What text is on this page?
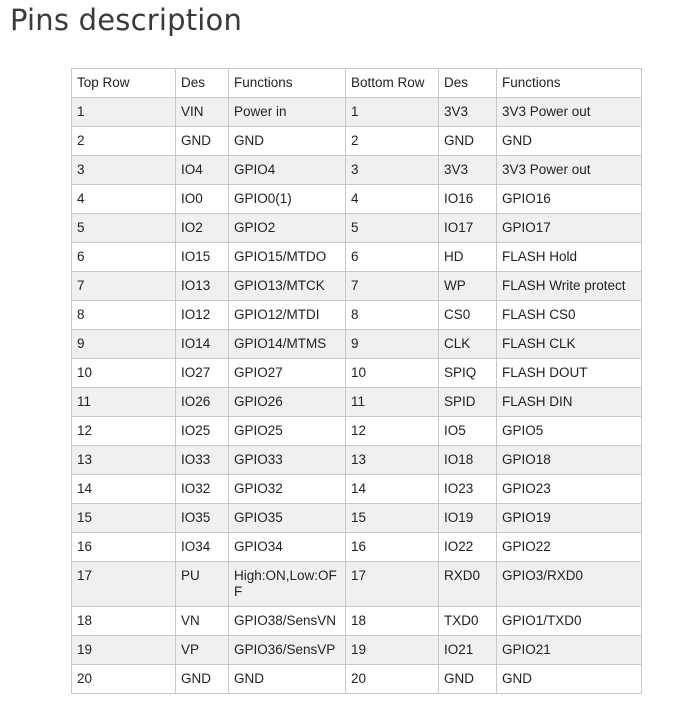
Pins description
Top Row	Des	Functions	Bottom Row	Des	Functions
1	VIN	Power in	1	3V3	3V3 Power out
2	GND	GND	2	GND	GND
3	IO4	GPIO4	3	3V3	3V3 Power out
4	IO0	GPIO0(1)	4	IO16	GPIO16
5	IO2	GPIO2	5	IO17	GPIO17
6	IO15	GPIO15/MTDO	6	HD	FLASH Hold
7	IO13	GPIO13/MTCK	7	WP	FLASH Write protect
8	IO12	GPIO12/MTDI	8	CS0	FLASH CS0
9	IO14	GPIO14/MTMS	9	CLK	FLASH CLK
10	IO27	GPIO27	10	SPIQ	FLASH DOUT
11	IO26	GPIO26	11	SPID	FLASH DIN
12	IO25	GPIO25	12	IO5	GPIO5
13	IO33	GPIO33	13	IO18	GPIO18
14	IO32	GPIO32	14	IO23	GPIO23
15	IO35	GPIO35	15	IO19	GPIO19
16	IO34	GPIO34	16	IO22	GPIO22
17	PU	High:ON,Low:OFF	17	RXD0	GPIO3/RXD0
18	VN	GPIO38/SensVN	18	TXD0	GPIO1/TXD0
19	VP	GPIO36/SensVP	19	IO21	GPIO21
20	GND	GND	20	GND	GND
